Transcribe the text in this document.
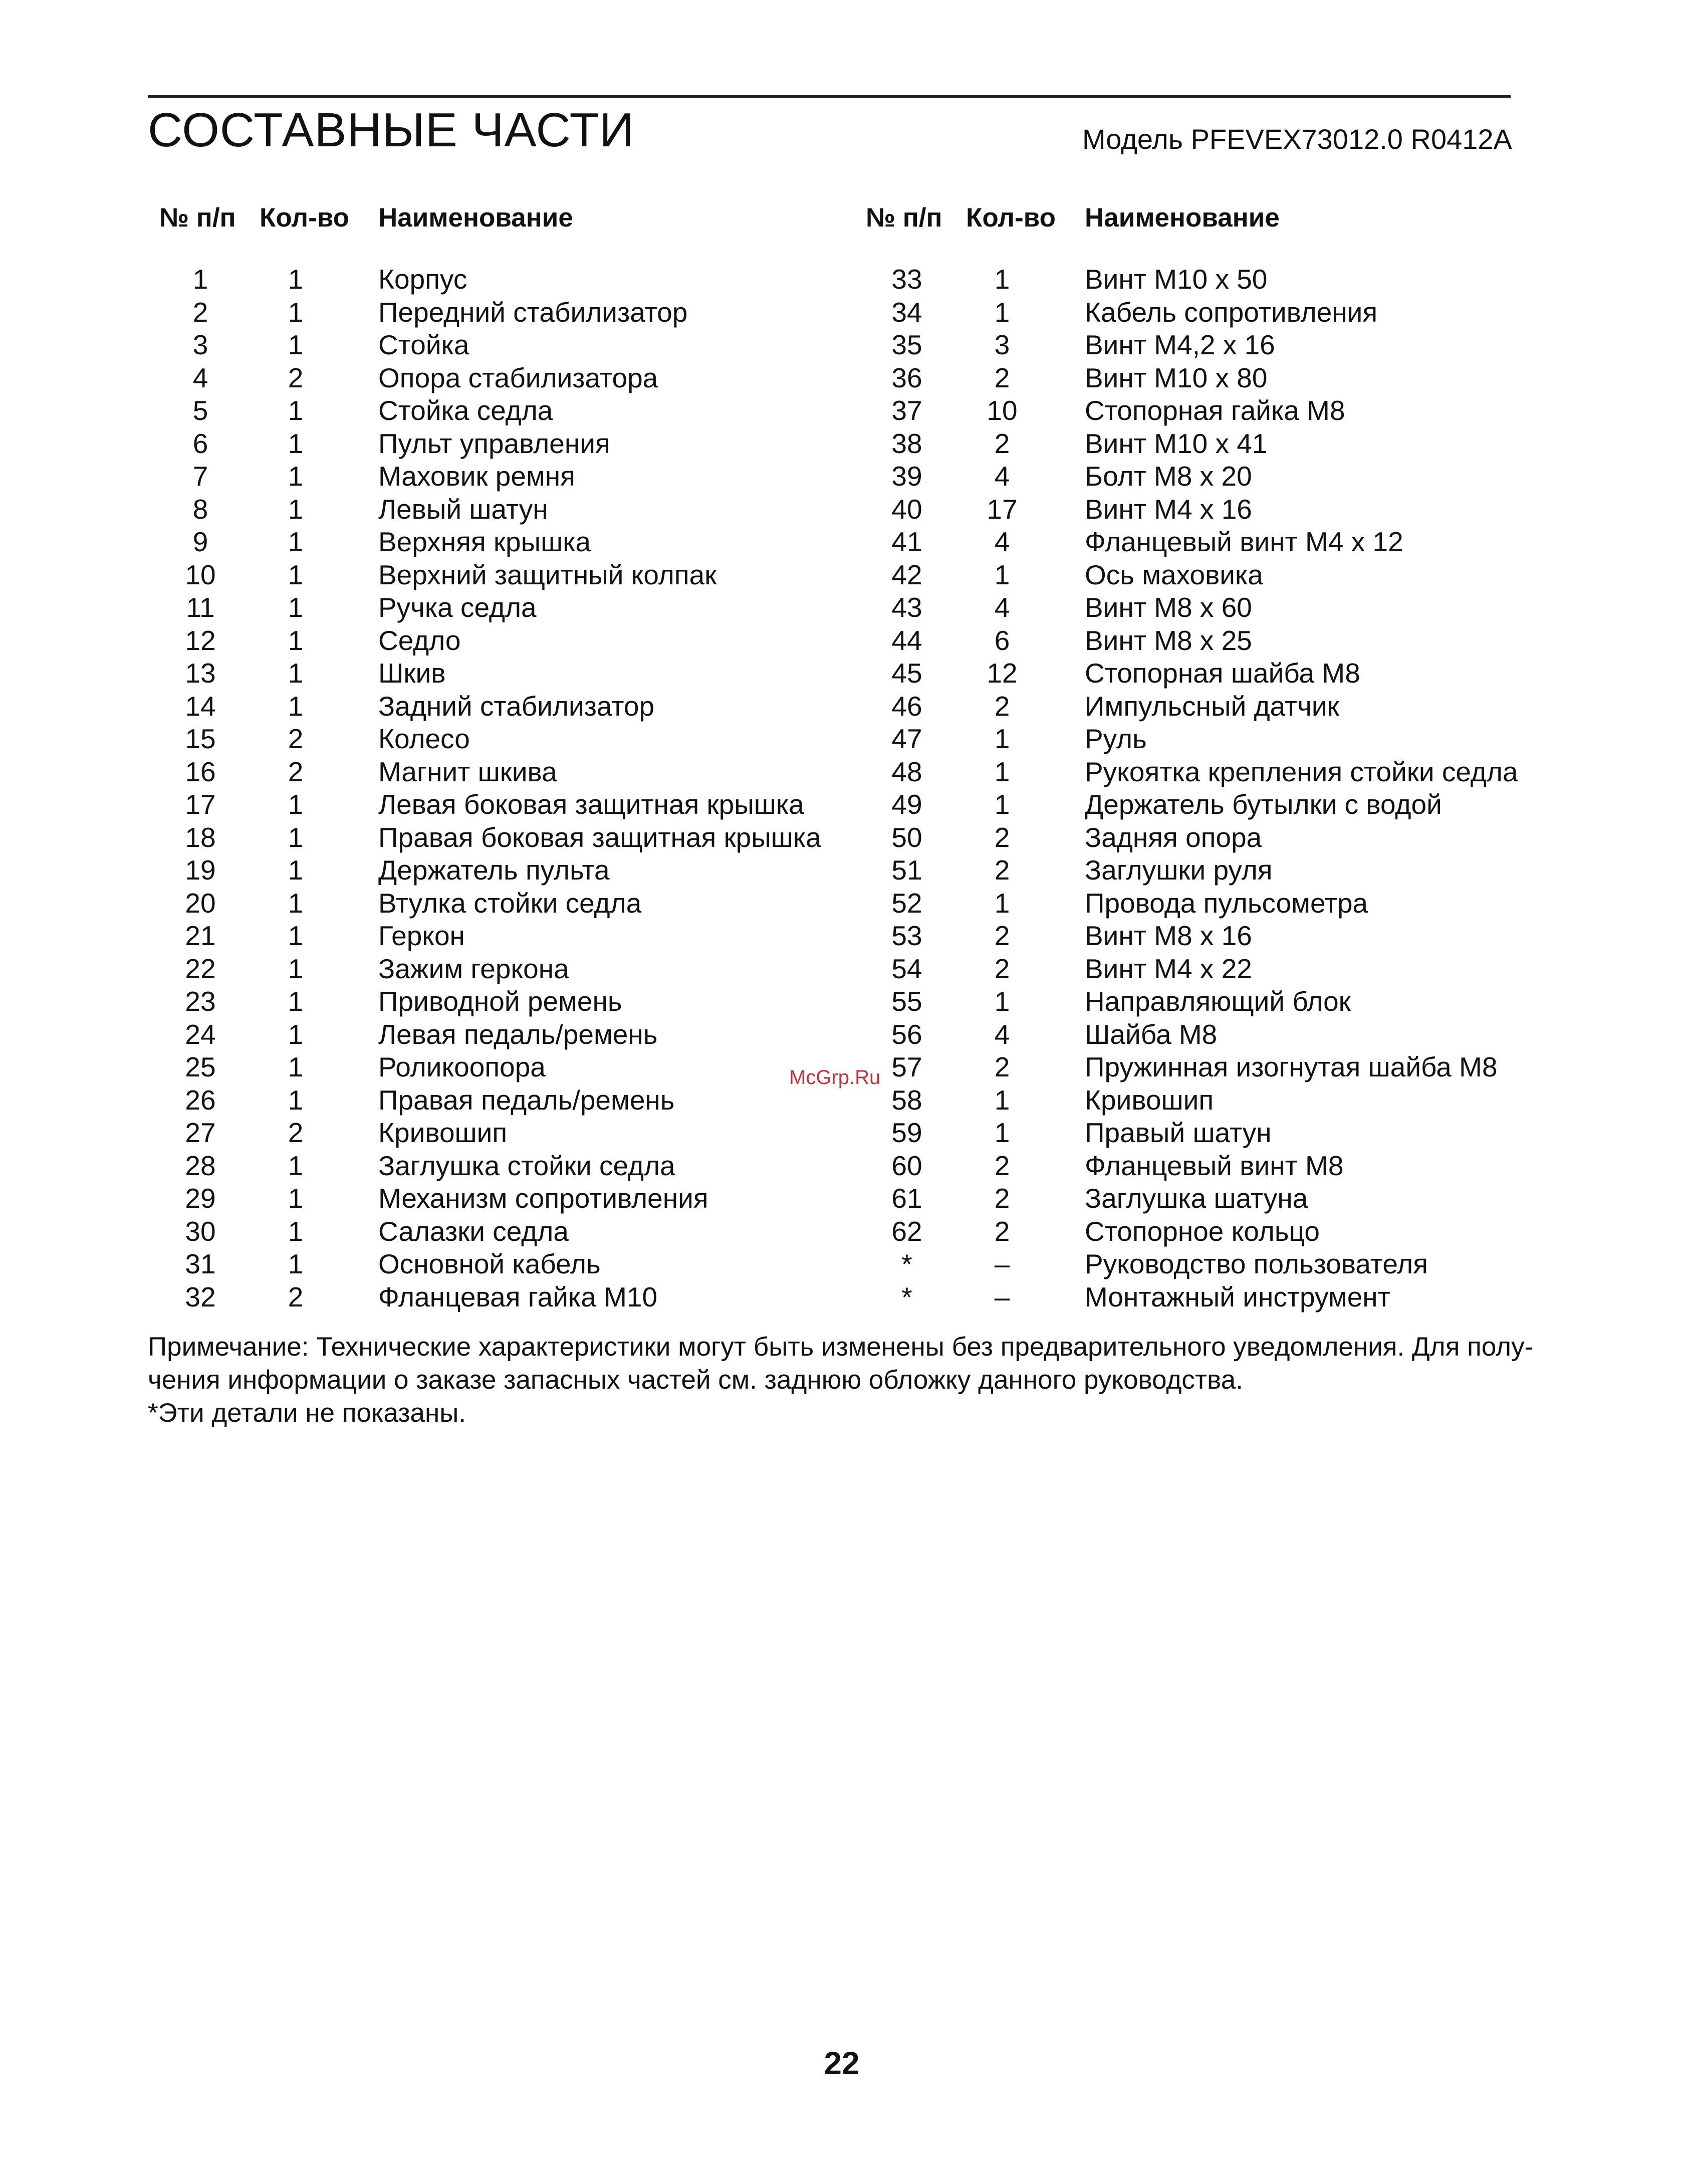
СОСТАВНЫЕ ЧАСТИ	Модель PFEVEX73012.0 R0412A
№ п/п Кол-во Наименование
1	1	Корпус
2	1	Передний стабилизатор
3	1	Стойка
4	2	Опора стабилизатора
5	1	Стойка седла
6	1	Пульт управления
7	1	Маховик ремня
8	1	Левый шатун
9	1	Верхняя крышка
10	1	Верхний защитный колпак
11	1	Ручка седла
12	1	Седло
13	1	Шкив
14	1	Задний стабилизатор
15	2	Колесо
16	2	Магнит шкива
17	1	Левая боковая защитная крышка
18	1	Правая боковая защитная крышка
19	1	Держатель пульта
20	1	Втулка стойки седла
21	1	Геркон
22	1	Зажим геркона
23	1	Приводной ремень
24	1	Левая педаль/ремень
25	1	Роликоопора
26	1	Правая педаль/ремень
27	2	Кривошип
28	1	Заглушка стойки седла
29	1	Механизм сопротивления
30	1	Салазки седла
31	1	Основной кабель
32	2	Фланцевая гайка М10
№ п/п Кол-во Наименование
33	1	Винт М10 х 50
34	1	Кабель сопротивления
35	3	Винт М4,2 х 16
36	2	Винт М10 х 80
37	10	Стопорная гайка М8
38	2	Винт М10 х 41
39	4	Болт М8 х 20
40	17	Винт М4 х 16
41	4	Фланцевый винт М4 х 12
42	1	Ось маховика
43	4	Винт М8 х 60
44	6	Винт М8 х 25
45	12	Стопорная шайба М8
46	2	Импульсный датчик
47	1	Руль
48	1	Рукоятка крепления стойки седла
49	1	Держатель бутылки с водой
50	2	Задняя опора
51	2	Заглушки руля
52	1	Провода пульсометра
53	2	Винт М8 х 16
54	2	Винт М4 х 22
55	1	Направляющий блок
56	4	Шайба М8
57	2	Пружинная изогнутая шайба М8
58	1	Кривошип
59	1	Правый шатун
60	2	Фланцевый винт М8
61	2	Заглушка шатуна
62	2	Стопорное кольцо
*	–	Руководство пользователя
*	–	Монтажный инструмент
McGrp.Ru

Примечание: Технические характеристики могут быть изменены без предварительного уведомления. Для полу-

чения информации о заказе запасных частей см. заднюю обложку данного руководства.

*Эти детали не показаны.

22
